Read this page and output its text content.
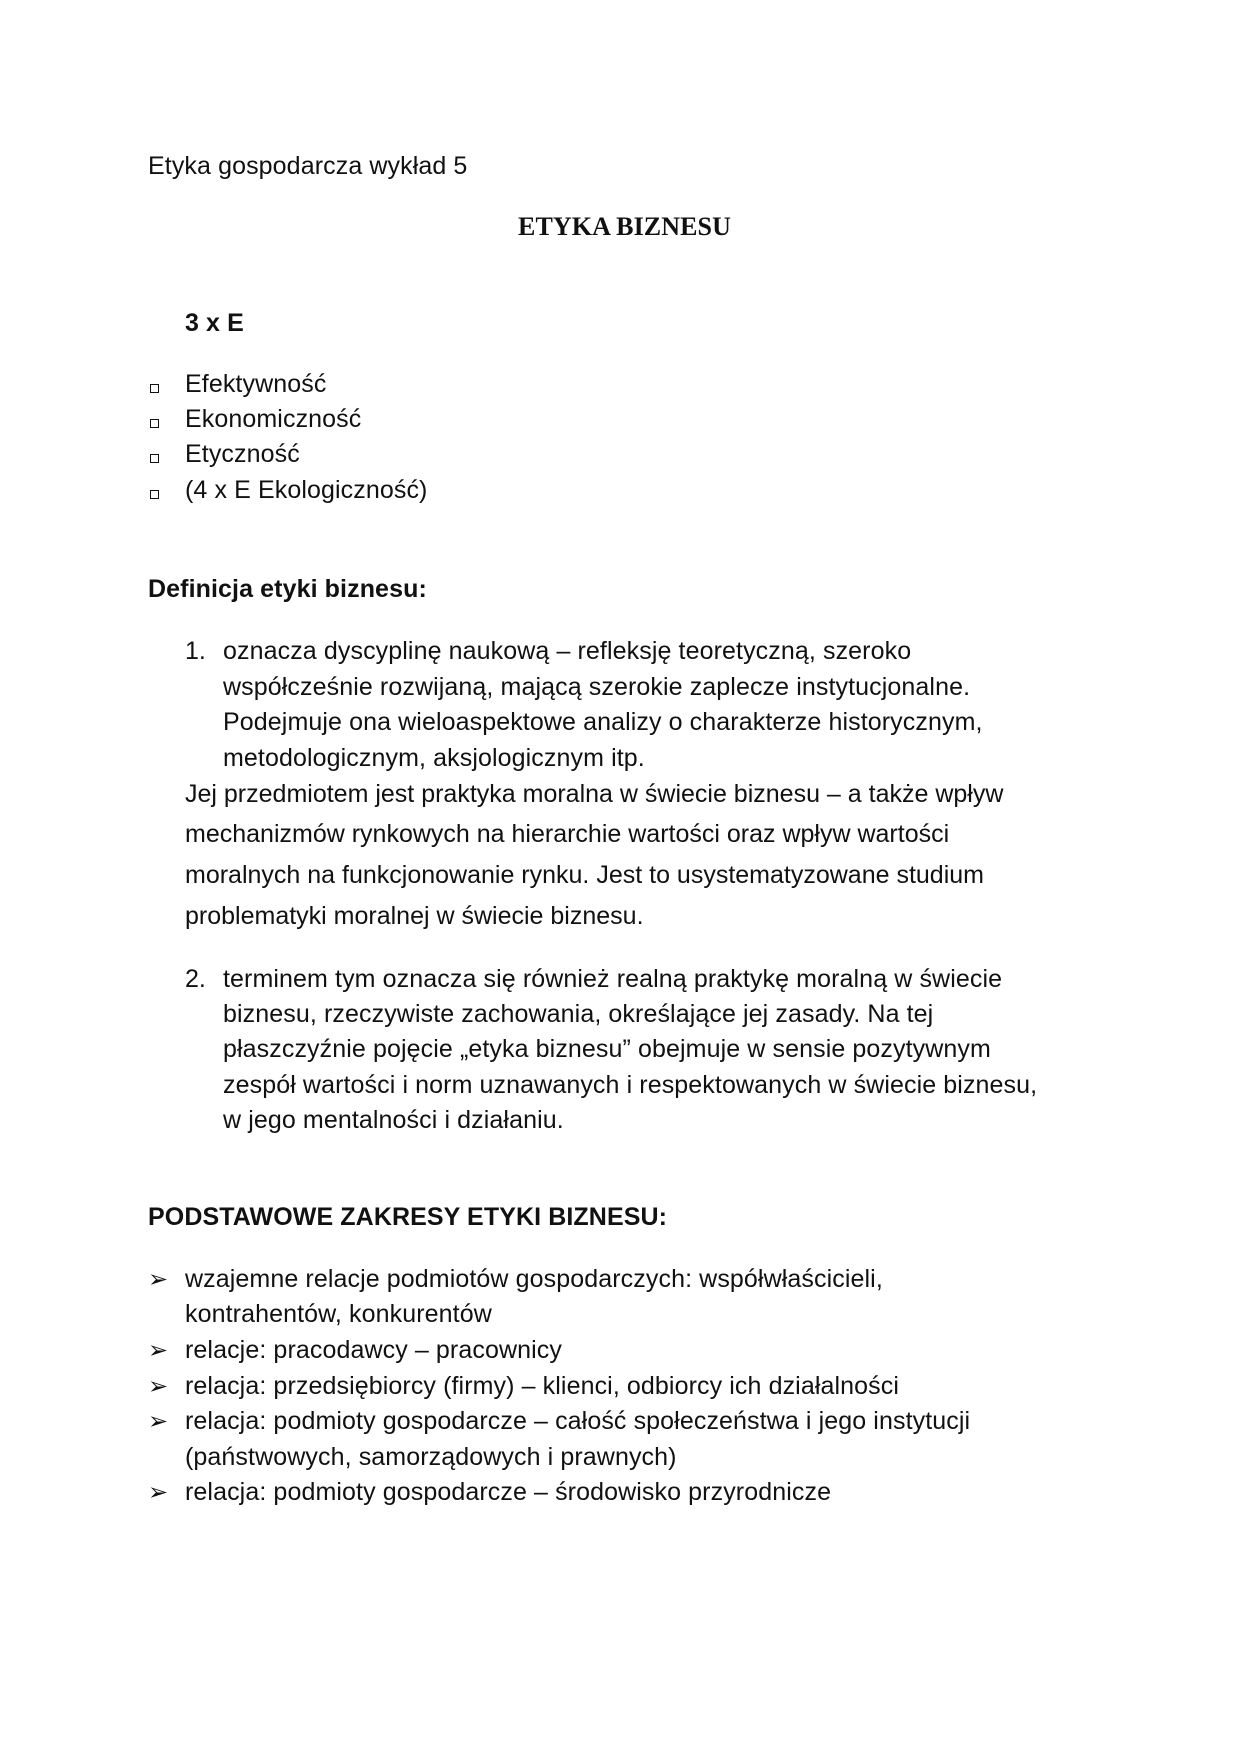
Etyka gospodarcza wykład 5
ETYKA BIZNESU
3 x E
Efektywność
Ekonomiczność
Etyczność
(4 x E Ekologiczność)
Definicja etyki biznesu:
1. oznacza dyscyplinę naukową – refleksję teoretyczną, szeroko
współcześnie rozwijaną, mającą szerokie zaplecze instytucjonalne.
Podejmuje ona wieloaspektowe analizy o charakterze historycznym,
metodologicznym, aksjologicznym itp.
Jej przedmiotem jest praktyka moralna w świecie biznesu – a także wpływ
mechanizmów rynkowych na hierarchie wartości oraz wpływ wartości
moralnych na funkcjonowanie rynku. Jest to usystematyzowane studium
problematyki moralnej w świecie biznesu.
2. terminem tym oznacza się również realną praktykę moralną w świecie
biznesu, rzeczywiste zachowania, określające jej zasady. Na tej
płaszczyźnie pojęcie „etyka biznesu” obejmuje w sensie pozytywnym
zespół wartości i norm uznawanych i respektowanych w świecie biznesu,
w jego mentalności i działaniu.
PODSTAWOWE ZAKRESY ETYKI BIZNESU:
➢ wzajemne relacje podmiotów gospodarczych: współwłaścicieli,
kontrahentów, konkurentów
➢ relacje: pracodawcy – pracownicy
➢ relacja: przedsiębiorcy (firmy) – klienci, odbiorcy ich działalności
➢ relacja: podmioty gospodarcze – całość społeczeństwa i jego instytucji
(państwowych, samorządowych i prawnych)
➢ relacja: podmioty gospodarcze – środowisko przyrodnicze
